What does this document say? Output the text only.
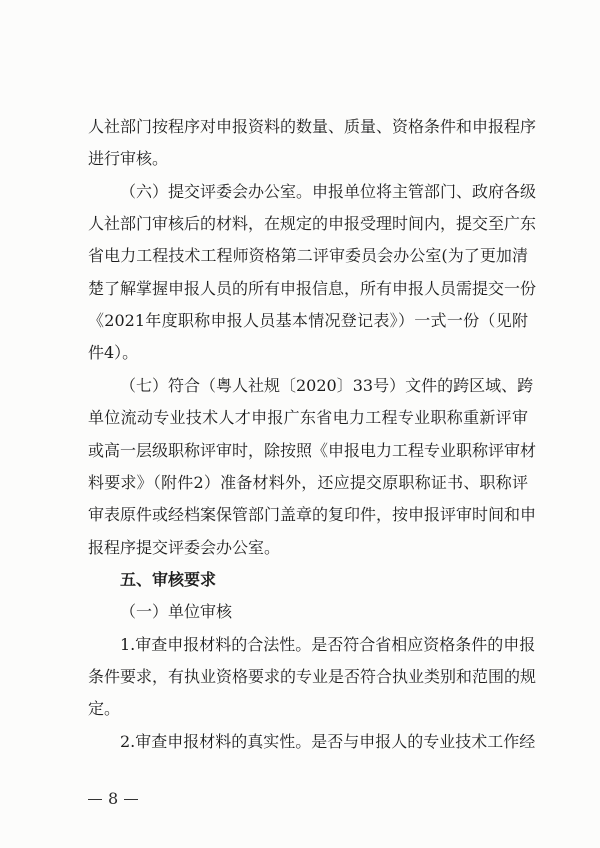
人社部门按程序对申报资料的数量、质量、资格条件和申报程序
进行审核。
（六）提交评委会办公室。申报单位将主管部门、政府各级
人社部门审核后的材料，在规定的申报受理时间内，提交至广东
省电力工程技术工程师资格第二评审委员会办公室(为了更加清
楚了解掌握申报人员的所有申报信息，所有申报人员需提交一份
《2021年度职称申报人员基本情况登记表》）一式一份（见附
件4）。
（七）符合（粤人社规〔2020〕33号）文件的跨区域、跨
单位流动专业技术人才申报广东省电力工程专业职称重新评审
或高一层级职称评审时，除按照《申报电力工程专业职称评审材
料要求》（附件2）准备材料外，还应提交原职称证书、职称评
审表原件或经档案保管部门盖章的复印件，按申报评审时间和申
报程序提交评委会办公室。
五、审核要求
（一）单位审核
1.审查申报材料的合法性。是否符合省相应资格条件的申报
条件要求，有执业资格要求的专业是否符合执业类别和范围的规
定。
2.审查申报材料的真实性。是否与申报人的专业技术工作经
8
